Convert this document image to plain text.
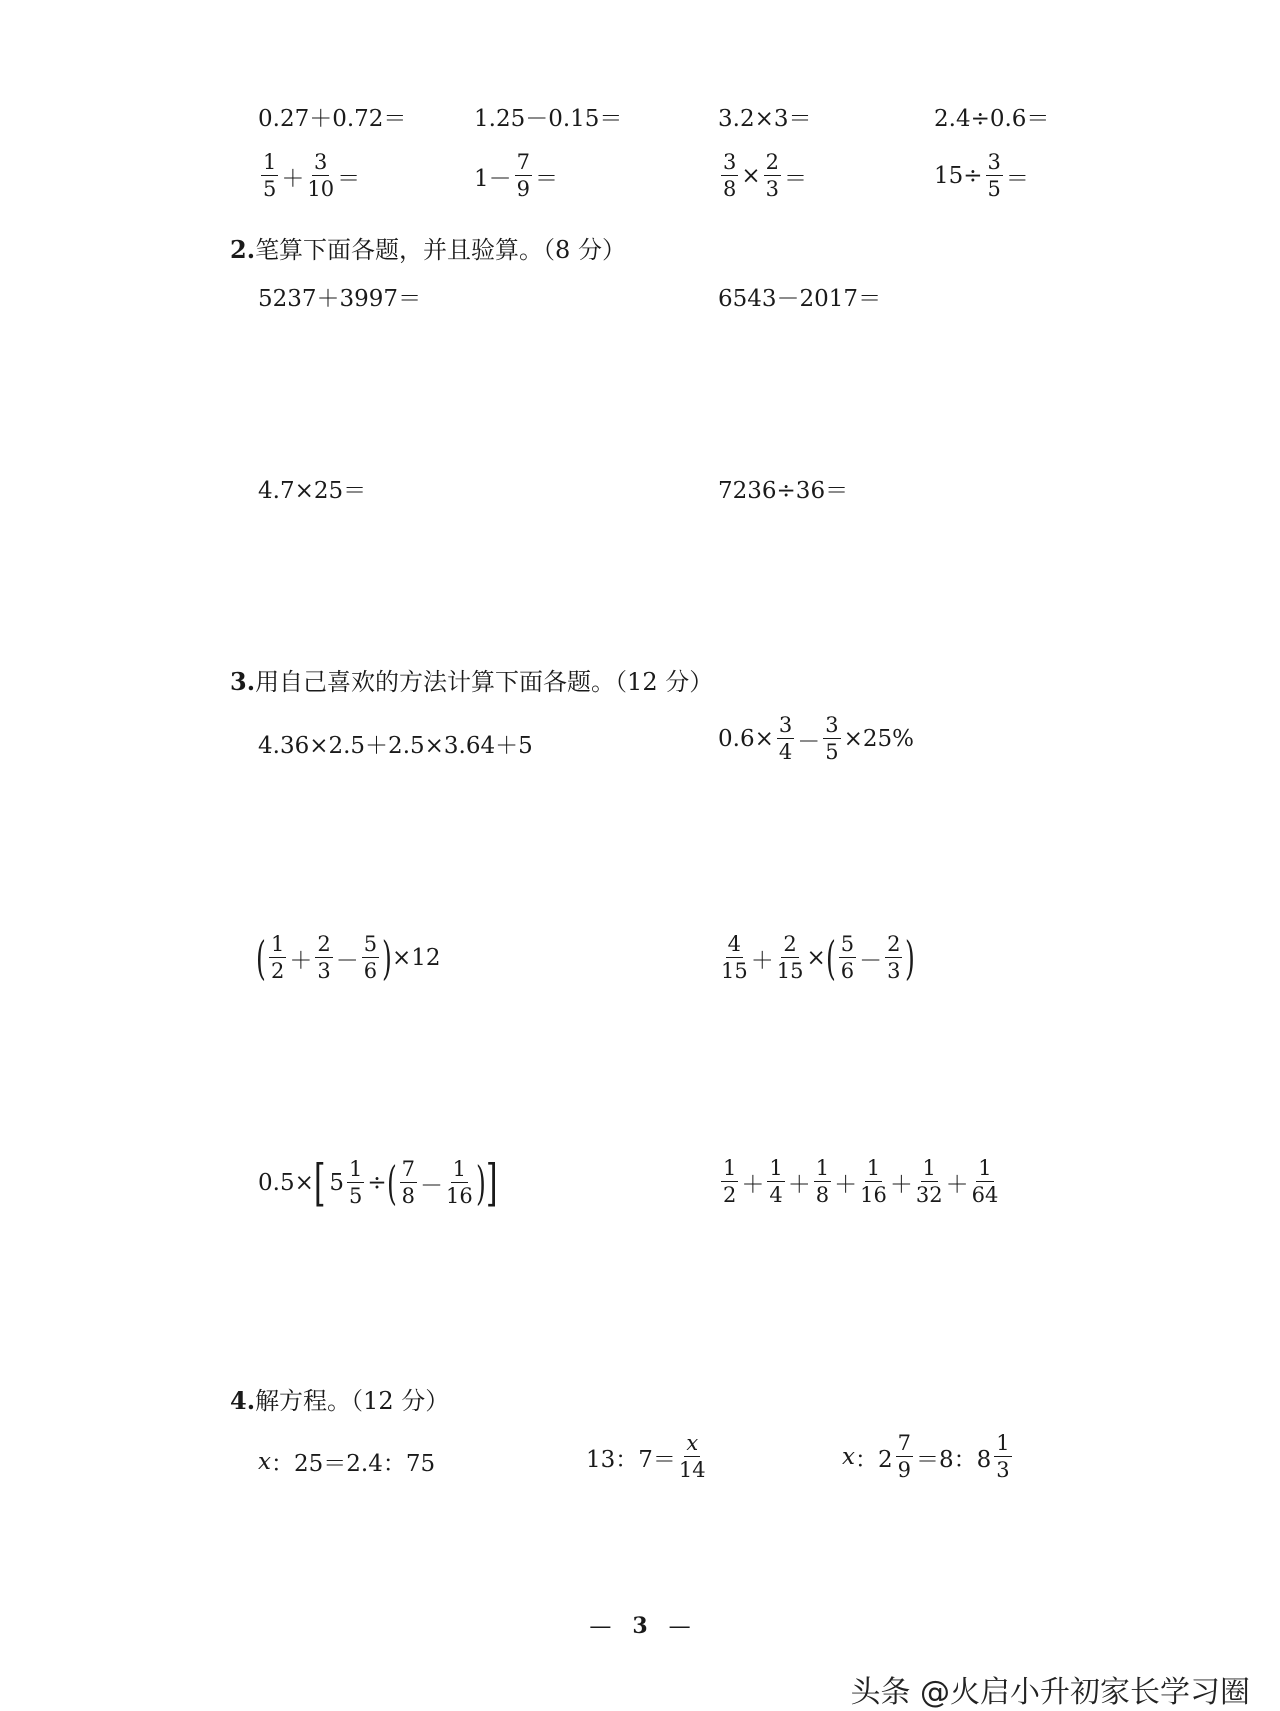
0.27＋0.72＝	1.25－0.15＝	3.2×3＝	2.4÷0.6＝
$\frac{1}{5} + \frac{3}{10}$ ＝	$1- \frac{7}{9}$ ＝	$\frac{3}{8} \times \frac{2}{3}$ ＝	$15\div \frac{3}{5}$ ＝
2.笔算下面各题，并且验算。（8 分）
5237＋3997＝	6543－2017＝
4.7×25＝	7236÷36＝
3.用自己喜欢的方法计算下面各题。（12 分）
4.36×2.5＋2.5×3.64＋5	$0.6\times \frac{3}{4} - \frac{3}{5} \times 25\%$
( $\frac{1}{2} + \frac{2}{3} - \frac{5}{6}$ ) ×12	$\frac{4}{15} + \frac{2}{15}$ × ( $\frac{5}{6} - \frac{2}{3}$ )
0.5× [ $5 \frac{1}{5}$ ÷ ( $\frac{7}{8} - \frac{1}{16}$ ) ]	$\frac{1}{2} + \frac{1}{4} + \frac{1}{8} + \frac{1}{16} + \frac{1}{32} + \frac{1}{64}$
4.解方程。（12 分）
x ：25＝2.4：75	13：$7= \frac{x}{14}$	x ：$2 \frac{7}{9} =8$：$8 \frac{1}{3}$
— 3 —
头条 @火启小升初家长学习圈
